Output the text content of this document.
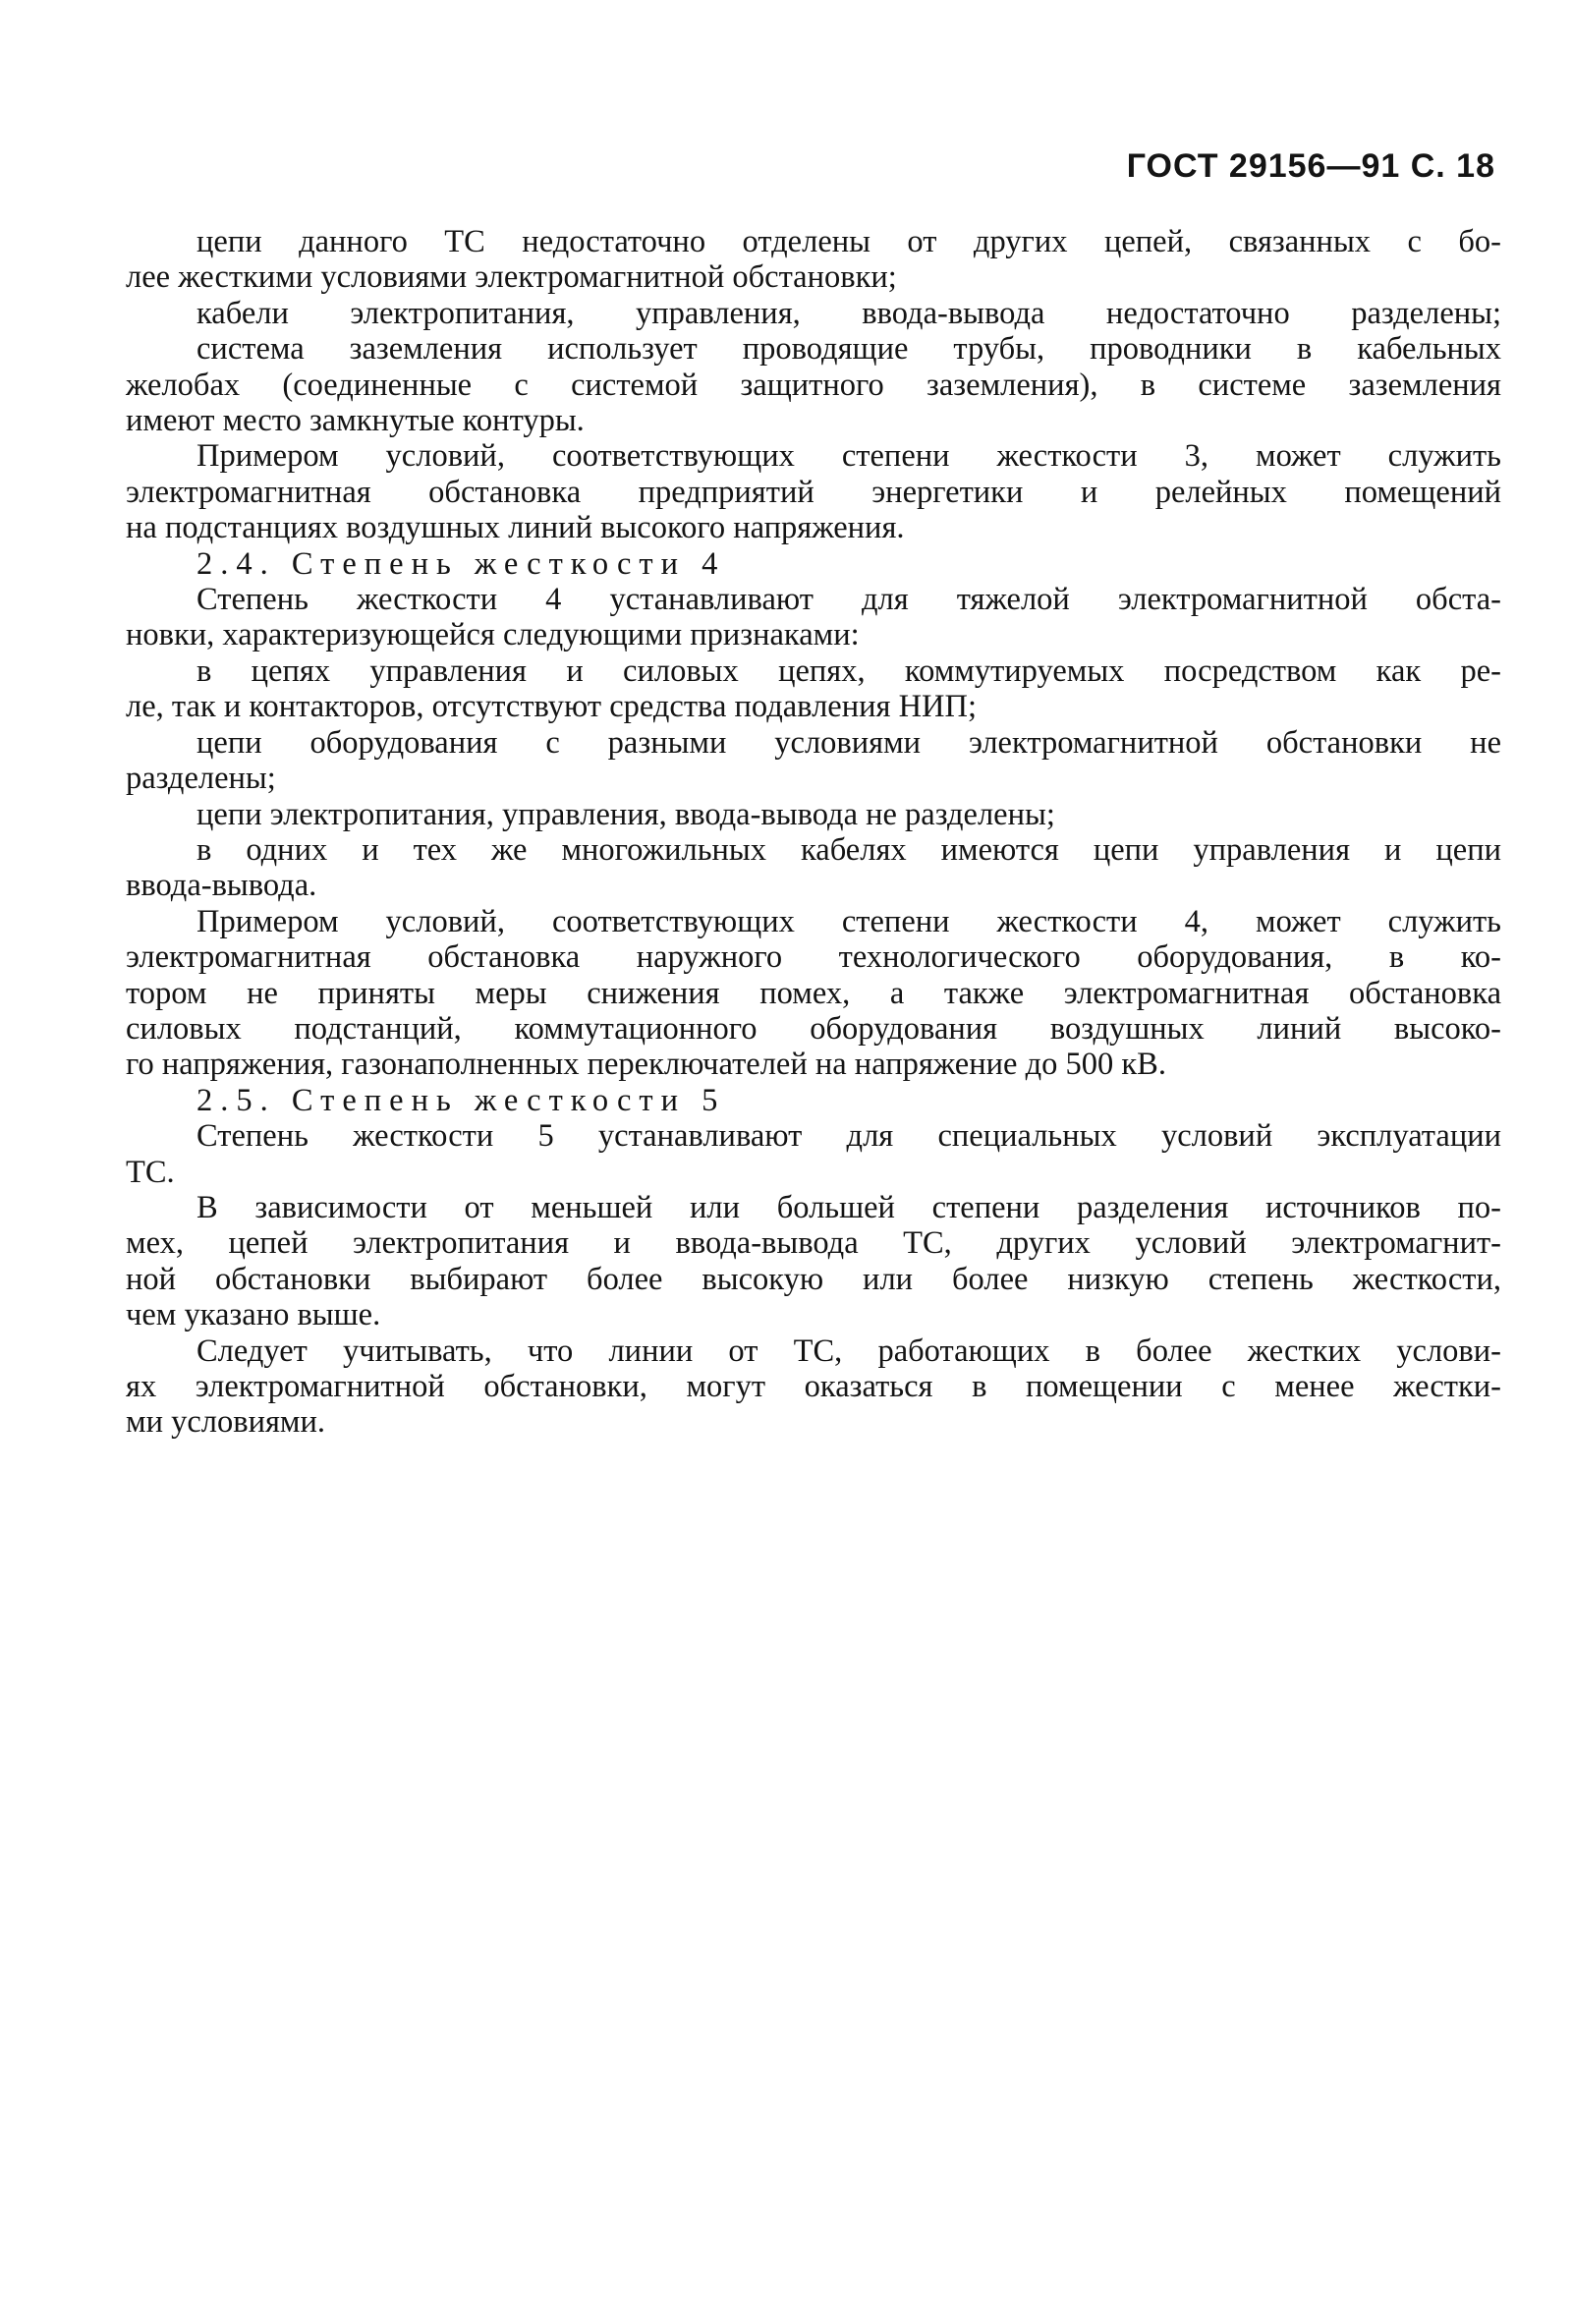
ГОСТ 29156—91 С. 18
цепи данного ТС недостаточно отделены от других цепей, связанных с бо-
лее жесткими условиями электромагнитной обстановки;
кабели электропитания, управления, ввода-вывода недостаточно разделены;
система заземления использует проводящие трубы, проводники в кабельных
желобах (соединенные с системой защитного заземления), в системе заземления
имеют место замкнутые контуры.
Примером условий, соответствующих степени жесткости 3, может служить
электромагнитная обстановка предприятий энергетики и релейных помещений
на подстанциях воздушных линий высокого напряжения.
2.4. Степень жесткости 4
Степень жесткости 4 устанавливают для тяжелой электромагнитной обста-
новки, характеризующейся следующими признаками:
в цепях управления и силовых цепях, коммутируемых посредством как ре-
ле, так и контакторов, отсутствуют средства подавления НИП;
цепи оборудования с разными условиями электромагнитной обстановки не
разделены;
цепи электропитания, управления, ввода-вывода не разделены;
в одних и тех же многожильных кабелях имеются цепи управления и цепи
ввода-вывода.
Примером условий, соответствующих степени жесткости 4, может служить
электромагнитная обстановка наружного технологического оборудования, в ко-
тором не приняты меры снижения помех, а также электромагнитная обстановка
силовых подстанций, коммутационного оборудования воздушных линий высоко-
го напряжения, газонаполненных переключателей на напряжение до 500 кВ.
2.5. Степень жесткости 5
Степень жесткости 5 устанавливают для специальных условий эксплуатации
ТС.
В зависимости от меньшей или большей степени разделения источников по-
мех, цепей электропитания и ввода-вывода ТС, других условий электромагнит-
ной обстановки выбирают более высокую или более низкую степень жесткости,
чем указано выше.
Следует учитывать, что линии от ТС, работающих в более жестких услови-
ях электромагнитной обстановки, могут оказаться в помещении с менее жестки-
ми условиями.
